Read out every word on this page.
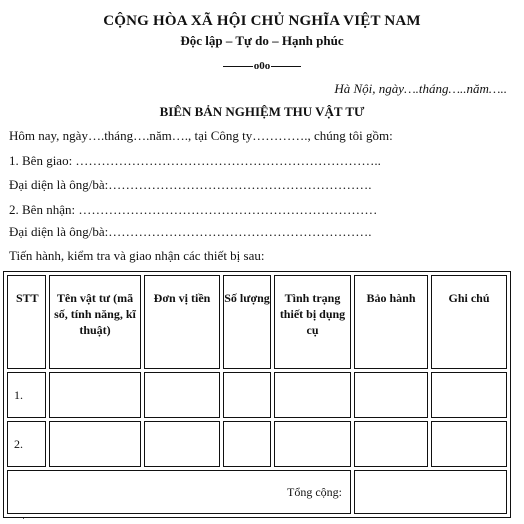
CỘNG HÒA XÃ HỘI CHỦ NGHĨA VIỆT NAM
Độc lập – Tự do – Hạnh phúc
o0o
Hà Nội, ngày….tháng…..năm…..
BIÊN BẢN NGHIỆM THU VẬT TƯ
Hôm nay, ngày….tháng….năm…., tại Công ty…………., chúng tôi gồm:
1. Bên giao: ……………………………………………………………..
Đại diện là ông/bà:…………………………………………………….
2. Bên nhận: ……………………………………………………………
Đại diện là ông/bà:…………………………………………………….
Tiến hành, kiểm tra và giao nhận các thiết bị sau:
STT	Tên vật tư (mã số, tính năng, kĩ thuật)	Đơn vị tiền	Số lượng	Tình trạng thiết bị dụng cụ	Bảo hành	Ghi chú
1.						
2.						
Tổng cộng:						
